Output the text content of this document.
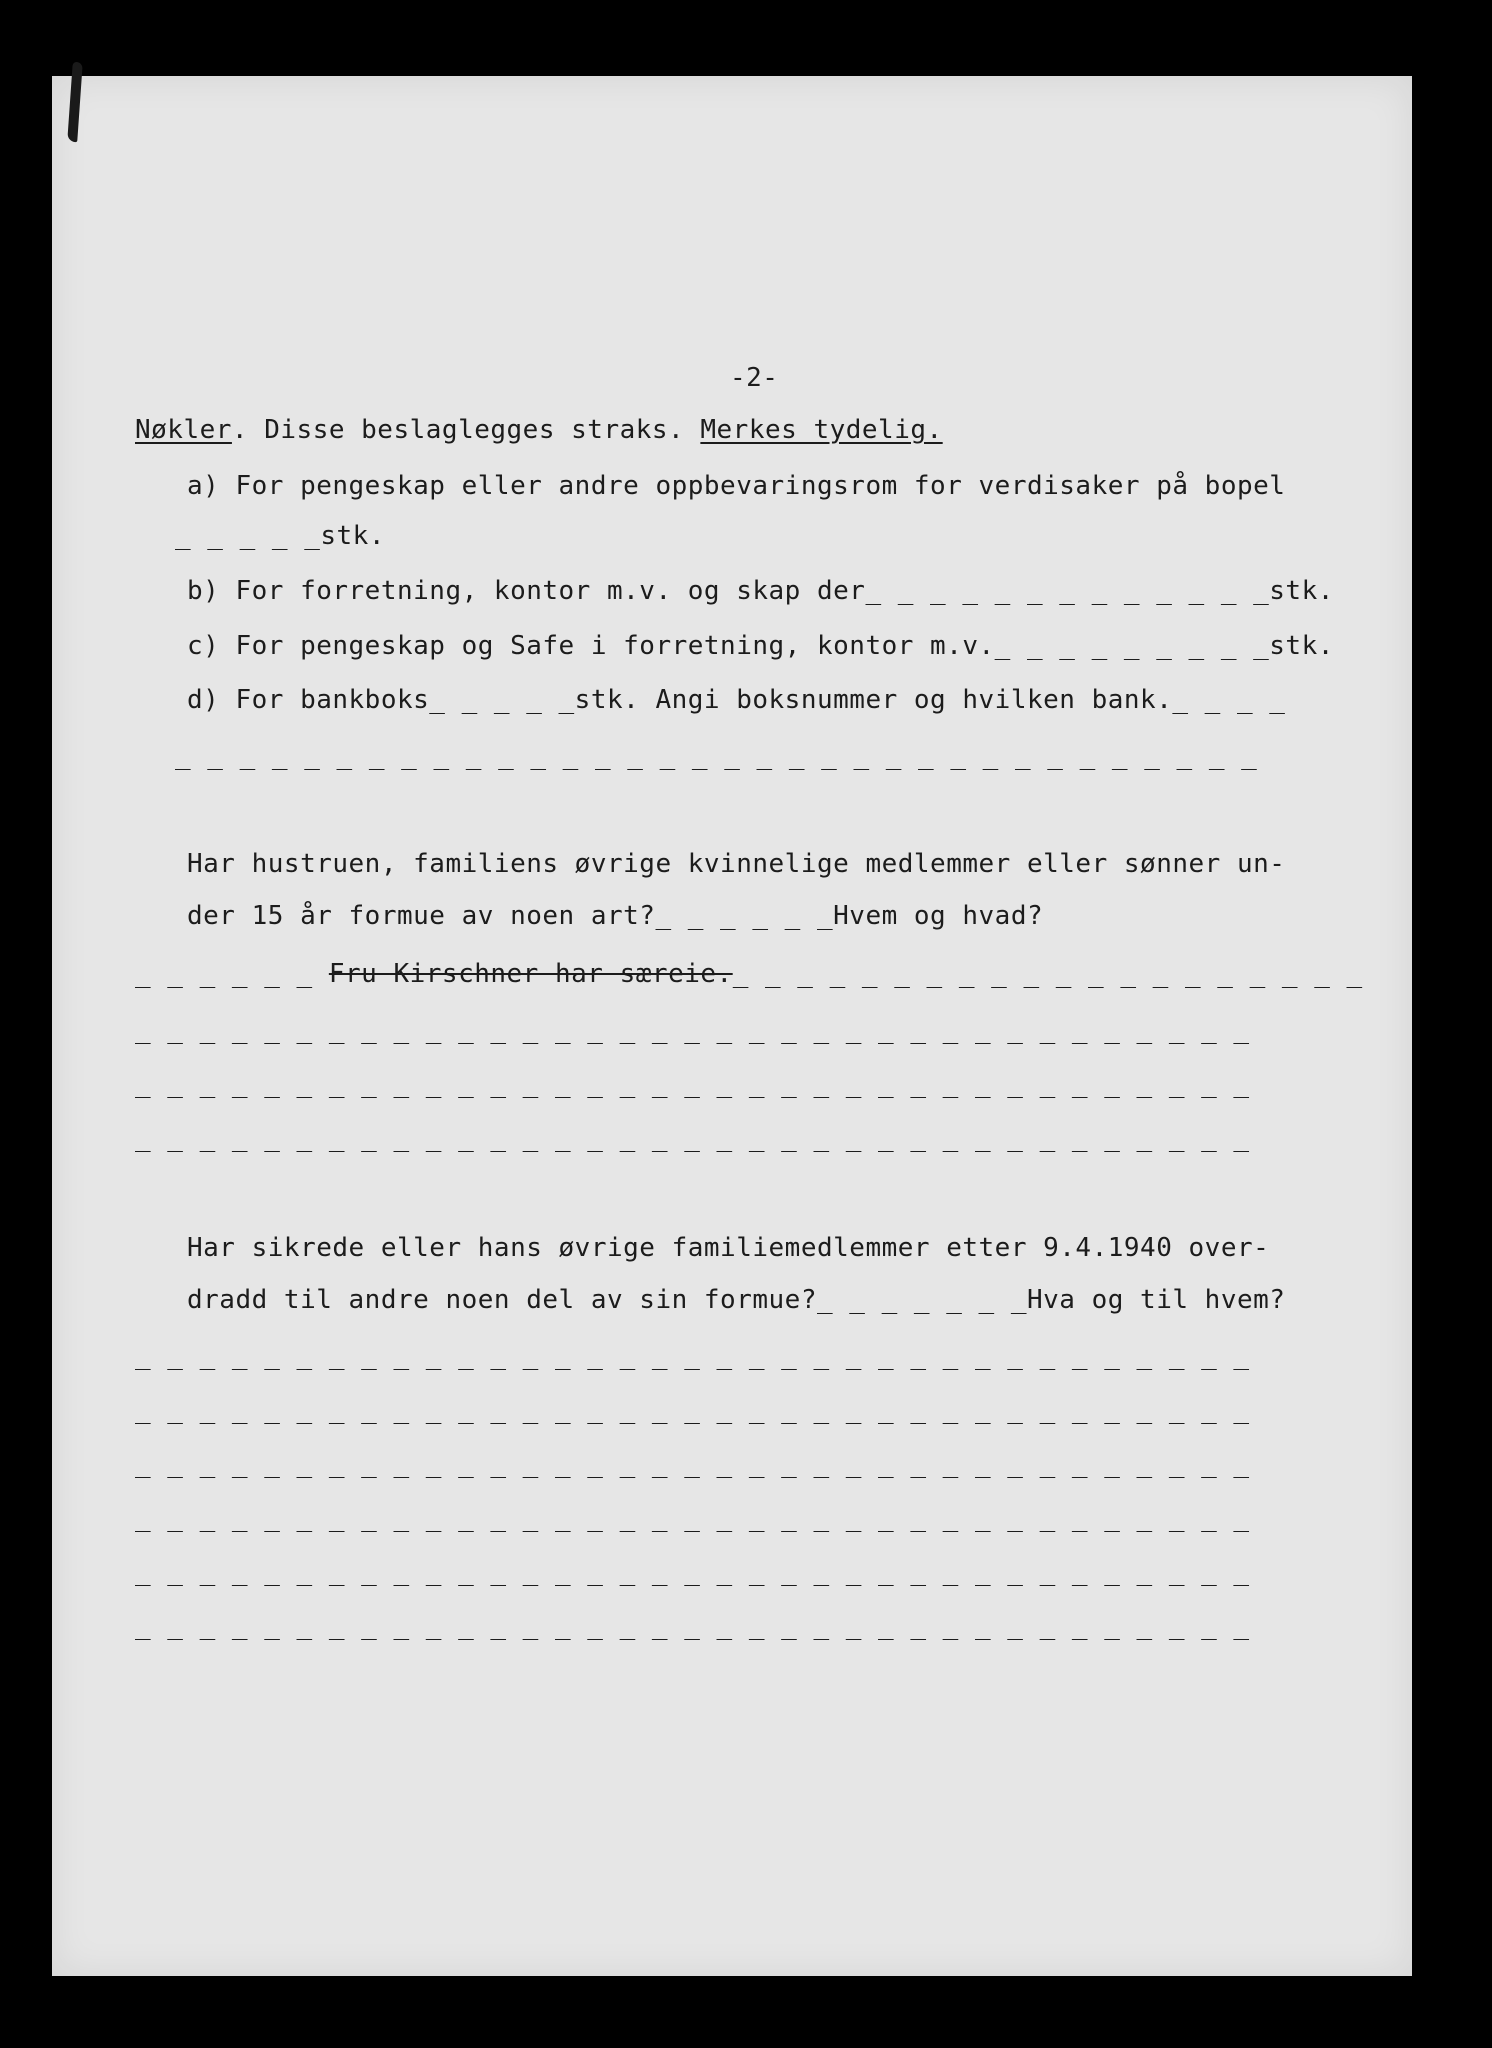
-2-
Nøkler. Disse beslaglegges straks. Merkes tydelig.
a) For pengeskap eller andre oppbevaringsrom for verdisaker på bopel
_ _ _ _ _stk.
b) For forretning, kontor m.v. og skap der_ _ _ _ _ _ _ _ _ _ _ _ _stk.
c) For pengeskap og Safe i forretning, kontor m.v._ _ _ _ _ _ _ _ _stk.
d) For bankboks_ _ _ _ _stk. Angi boksnummer og hvilken bank._ _ _ _
_ _ _ _ _ _ _ _ _ _ _ _ _ _ _ _ _ _ _ _ _ _ _ _ _ _ _ _ _ _ _ _ _ _
Har hustruen, familiens øvrige kvinnelige medlemmer eller sønner un-
der 15 år formue av noen art?_ _ _ _ _ _Hvem og hvad?
_ _ _ _ _ _ Fru Kirschner har særeie._ _ _ _ _ _ _ _ _ _ _ _ _ _ _ _ _ _ _ _
_ _ _ _ _ _ _ _ _ _ _ _ _ _ _ _ _ _ _ _ _ _ _ _ _ _ _ _ _ _ _ _ _ _ _
_ _ _ _ _ _ _ _ _ _ _ _ _ _ _ _ _ _ _ _ _ _ _ _ _ _ _ _ _ _ _ _ _ _ _
_ _ _ _ _ _ _ _ _ _ _ _ _ _ _ _ _ _ _ _ _ _ _ _ _ _ _ _ _ _ _ _ _ _ _
Har sikrede eller hans øvrige familiemedlemmer etter 9.4.1940 over-
dradd til andre noen del av sin formue?_ _ _ _ _ _ _Hva og til hvem?
_ _ _ _ _ _ _ _ _ _ _ _ _ _ _ _ _ _ _ _ _ _ _ _ _ _ _ _ _ _ _ _ _ _ _
_ _ _ _ _ _ _ _ _ _ _ _ _ _ _ _ _ _ _ _ _ _ _ _ _ _ _ _ _ _ _ _ _ _ _
_ _ _ _ _ _ _ _ _ _ _ _ _ _ _ _ _ _ _ _ _ _ _ _ _ _ _ _ _ _ _ _ _ _ _
_ _ _ _ _ _ _ _ _ _ _ _ _ _ _ _ _ _ _ _ _ _ _ _ _ _ _ _ _ _ _ _ _ _ _
_ _ _ _ _ _ _ _ _ _ _ _ _ _ _ _ _ _ _ _ _ _ _ _ _ _ _ _ _ _ _ _ _ _ _
_ _ _ _ _ _ _ _ _ _ _ _ _ _ _ _ _ _ _ _ _ _ _ _ _ _ _ _ _ _ _ _ _ _ _
